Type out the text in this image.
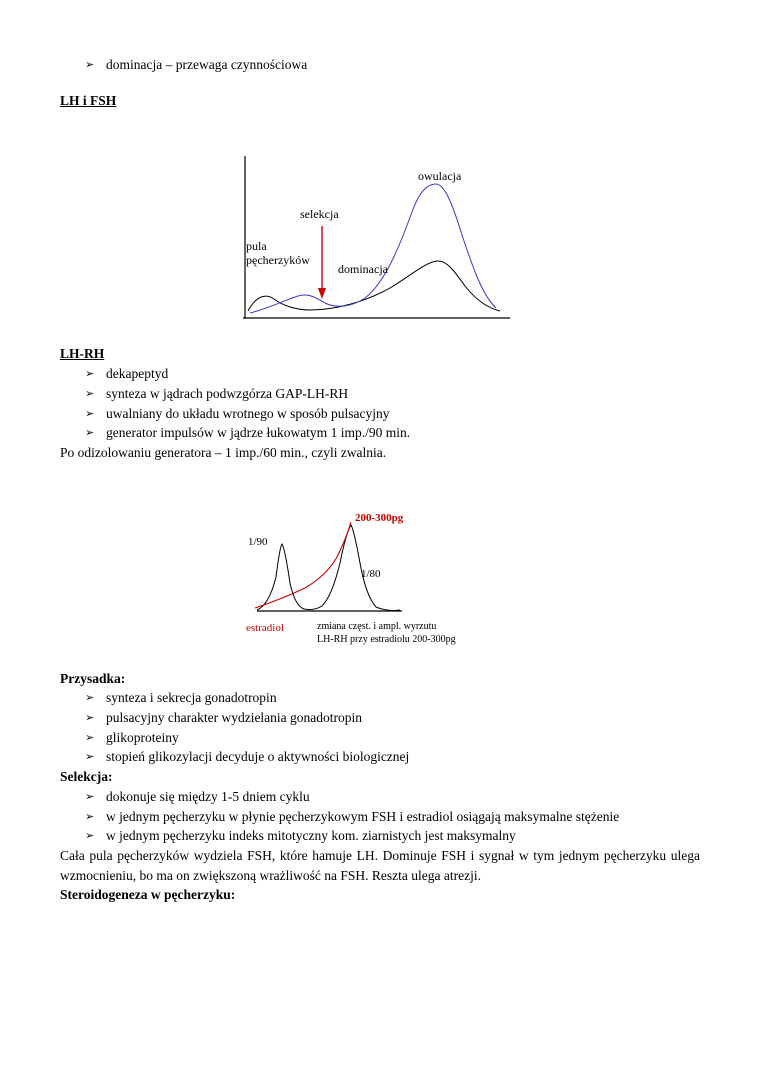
➢ dominacja – przewaga czynnościowa
LH i FSH
owulacja
selekcja
pula
pęcherzyków
dominacja
LH-RH
➢ dekapeptyd
➢ synteza w jądrach podwzgórza GAP-LH-RH
➢ uwalniany do układu wrotnego w sposób pulsacyjny
➢ generator impulsów w jądrze łukowatym 1 imp./90 min.
Po odizolowaniu generatora – 1 imp./60 min., czyli zwalnia.
200-300pg
1/90
1/80
estradiol	zmiana częst. i ampl. wyrzutu
LH-RH przy estradiolu 200-300pg
Przysadka:
➢ synteza i sekrecja gonadotropin
➢ pulsacyjny charakter wydzielania gonadotropin
➢ glikoproteiny
➢ stopień glikozylacji decyduje o aktywności biologicznej
Selekcja:
➢ dokonuje się między 1-5 dniem cyklu
➢ w jednym pęcherzyku w płynie pęcherzykowym FSH i estradiol osiągają maksymalne stężenie
➢ w jednym pęcherzyku indeks mitotyczny kom. ziarnistych jest maksymalny
Cała pula pęcherzyków wydziela FSH, które hamuje LH. Dominuje FSH i sygnał w tym jednym pęcherzyku ulega wzmocnieniu, bo ma on zwiększoną wrażliwość na FSH. Reszta ulega atrezji.
Steroidogeneza w pęcherzyku:
